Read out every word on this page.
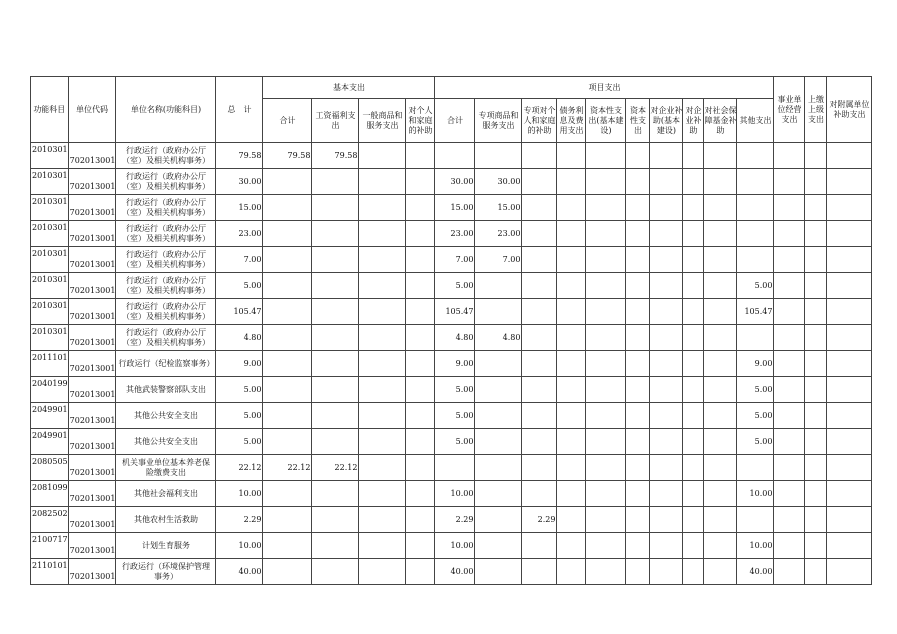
功能科目	单位代码	单位名称(功能科目)	总　计	基本支出				项目支出										事业单位经营支出	上缴上级支出	对附属单位补助支出
				合计	工资福利支出	一般商品和服务支出	对个人和家庭的补助	合计	专项商品和服务支出	专项对个人和家庭的补助	债务利息及费用支出	资本性支出(基本建设)	资本性支出	对企业补助(基本建设)	对企业补助	对社会保障基金补助	其他支出			
2010301	702013001	行政运行（政府办公厅（室）及相关机构事务）	79.58	79.58	79.58															
2010301	702013001	行政运行（政府办公厅（室）及相关机构事务）	30.00					30.00	30.00											
2010301	702013001	行政运行（政府办公厅（室）及相关机构事务）	15.00					15.00	15.00											
2010301	702013001	行政运行（政府办公厅（室）及相关机构事务）	23.00					23.00	23.00											
2010301	702013001	行政运行（政府办公厅（室）及相关机构事务）	7.00					7.00	7.00											
2010301	702013001	行政运行（政府办公厅（室）及相关机构事务）	5.00					5.00									5.00			
2010301	702013001	行政运行（政府办公厅（室）及相关机构事务）	105.47					105.47									105.47			
2010301	702013001	行政运行（政府办公厅（室）及相关机构事务）	4.80					4.80	4.80											
2011101	702013001	行政运行（纪检监察事务）	9.00					9.00									9.00			
2040199	702013001	其他武装警察部队支出	5.00					5.00									5.00			
2049901	702013001	其他公共安全支出	5.00					5.00									5.00			
2049901	702013001	其他公共安全支出	5.00					5.00									5.00			
2080505	702013001	机关事业单位基本养老保险缴费支出	22.12	22.12	22.12															
2081099	702013001	其他社会福利支出	10.00					10.00									10.00			
2082502	702013001	其他农村生活救助	2.29					2.29		2.29										
2100717	702013001	计划生育服务	10.00					10.00									10.00			
2110101	702013001	行政运行（环境保护管理事务）	40.00					40.00									40.00			
